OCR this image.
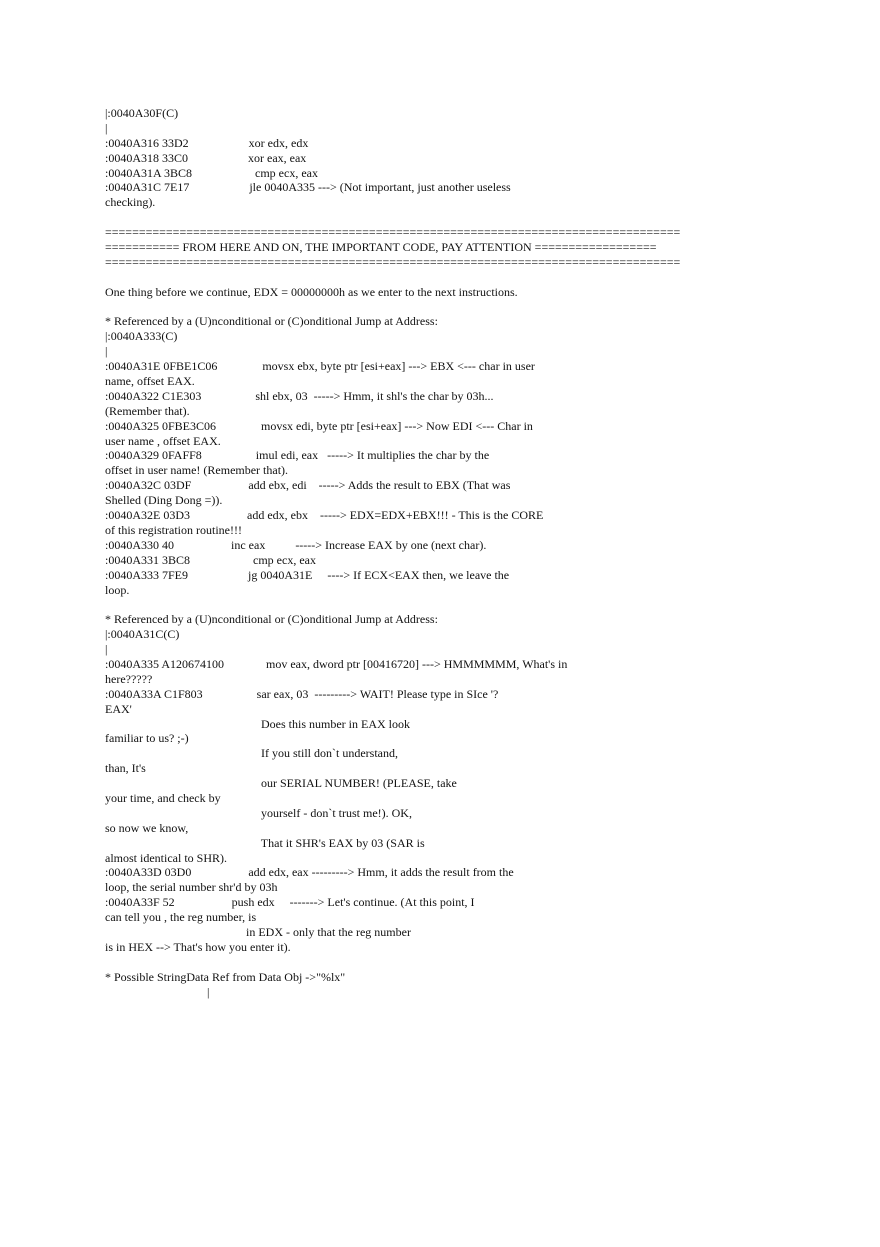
|:0040A30F(C)
|
:0040A316 33D2                    xor edx, edx
:0040A318 33C0                    xor eax, eax
:0040A31A 3BC8                     cmp ecx, eax
:0040A31C 7E17                    jle 0040A335 ---> (Not important, just another useless
checking).
=====================================================================================
=========== FROM HERE AND ON, THE IMPORTANT CODE, PAY ATTENTION ==================
=====================================================================================
One thing before we continue, EDX = 00000000h as we enter to the next instructions.
* Referenced by a (U)nconditional or (C)onditional Jump at Address:
|:0040A333(C)
|
:0040A31E 0FBE1C06               movsx ebx, byte ptr [esi+eax] ---> EBX <--- char in user
name, offset EAX.
:0040A322 C1E303                  shl ebx, 03  -----> Hmm, it shl's the char by 03h...
(Remember that).
:0040A325 0FBE3C06               movsx edi, byte ptr [esi+eax] ---> Now EDI <--- Char in
user name , offset EAX.
:0040A329 0FAFF8                  imul edi, eax   -----> It multiplies the char by the
offset in user name! (Remember that).
:0040A32C 03DF                   add ebx, edi    -----> Adds the result to EBX (That was
Shelled (Ding Dong =)).
:0040A32E 03D3                   add edx, ebx    -----> EDX=EDX+EBX!!! - This is the CORE
of this registration routine!!!
:0040A330 40                   inc eax          -----> Increase EAX by one (next char).
:0040A331 3BC8                     cmp ecx, eax
:0040A333 7FE9                    jg 0040A31E     ----> If ECX<EAX then, we leave the
loop.
* Referenced by a (U)nconditional or (C)onditional Jump at Address:
|:0040A31C(C)
|
:0040A335 A120674100              mov eax, dword ptr [00416720] ---> HMMMMMM, What's in
here?????
:0040A33A C1F803                  sar eax, 03  ---------> WAIT! Please type in SIce '?
EAX'
Does this number in EAX look
familiar to us? ;-)
If you still don`t understand,
than, It's
our SERIAL NUMBER! (PLEASE, take
your time, and check by
yourself - don`t trust me!). OK,
so now we know,
That it SHR's EAX by 03 (SAR is
almost identical to SHR).
:0040A33D 03D0                   add edx, eax ---------> Hmm, it adds the result from the
loop, the serial number shr'd by 03h
:0040A33F 52                   push edx     -------> Let's continue. (At this point, I
can tell you , the reg number, is
in EDX - only that the reg number
is in HEX --> That's how you enter it).
* Possible StringData Ref from Data Obj ->"%lx"
|
